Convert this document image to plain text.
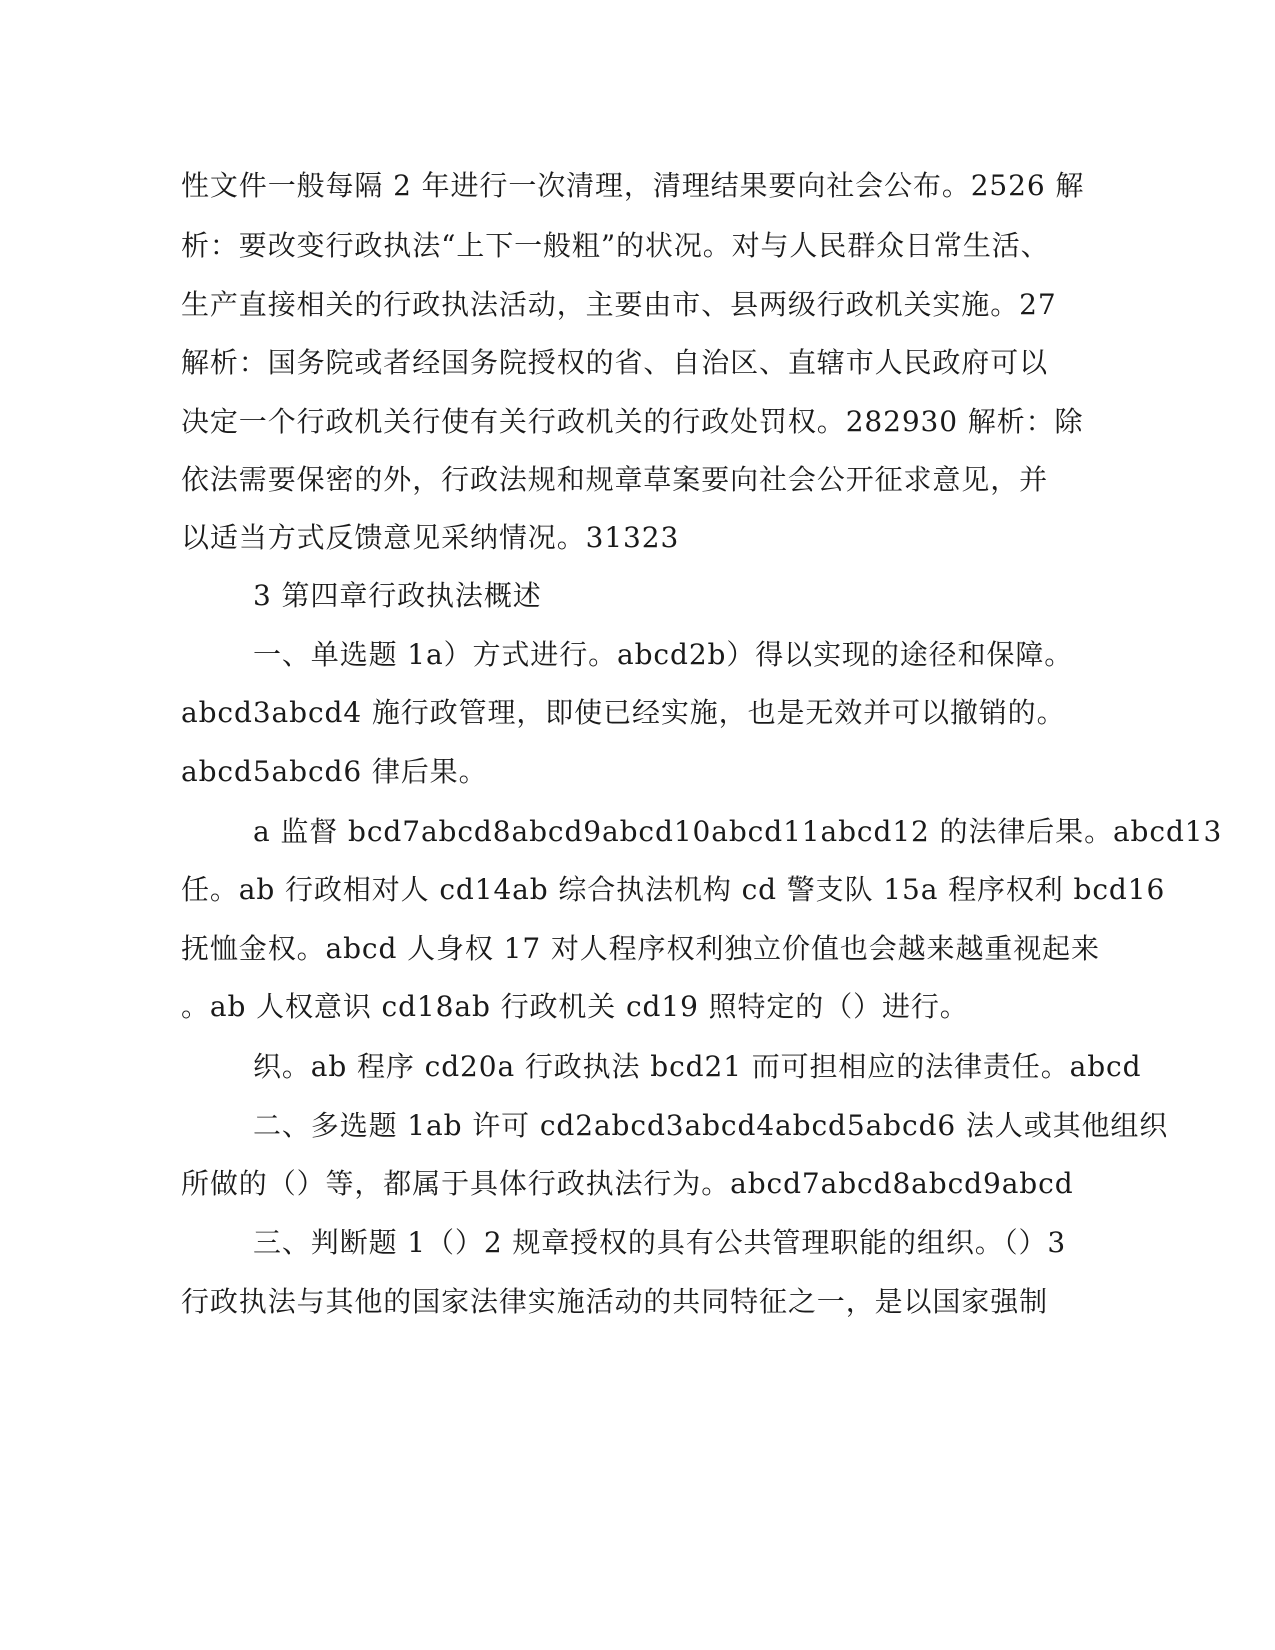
性文件一般每隔 2 年进行一次清理，清理结果要向社会公布。2526 解

析：要改变行政执法“上下一般粗”的状况。对与人民群众日常生活、

生产直接相关的行政执法活动，主要由市、县两级行政机关实施。27

解析：国务院或者经国务院授权的省、自治区、直辖市人民政府可以

决定一个行政机关行使有关行政机关的行政处罚权。282930 解析：除

依法需要保密的外，行政法规和规章草案要向社会公开征求意见，并

以适当方式反馈意见采纳情况。31323

3 第四章行政执法概述

一、单选题 1a）方式进行。abcd2b）得以实现的途径和保障。

abcd3abcd4 施行政管理，即使已经实施，也是无效并可以撤销的。

abcd5abcd6 律后果。

a 监督 bcd7abcd8abcd9abcd10abcd11abcd12 的法律后果。abcd13

任。ab 行政相对人 cd14ab 综合执法机构 cd 警支队 15a 程序权利 bcd16

抚恤金权。abcd 人身权 17 对人程序权利独立价值也会越来越重视起来

。ab 人权意识 cd18ab 行政机关 cd19 照特定的（）进行。

织。ab 程序 cd20a 行政执法 bcd21 而可担相应的法律责任。abcd

二、多选题 1ab 许可 cd2abcd3abcd4abcd5abcd6 法人或其他组织

所做的（）等，都属于具体行政执法行为。abcd7abcd8abcd9abcd

三、判断题 1（）2 规章授权的具有公共管理职能的组织。（）3

行政执法与其他的国家法律实施活动的共同特征之一，是以国家强制
